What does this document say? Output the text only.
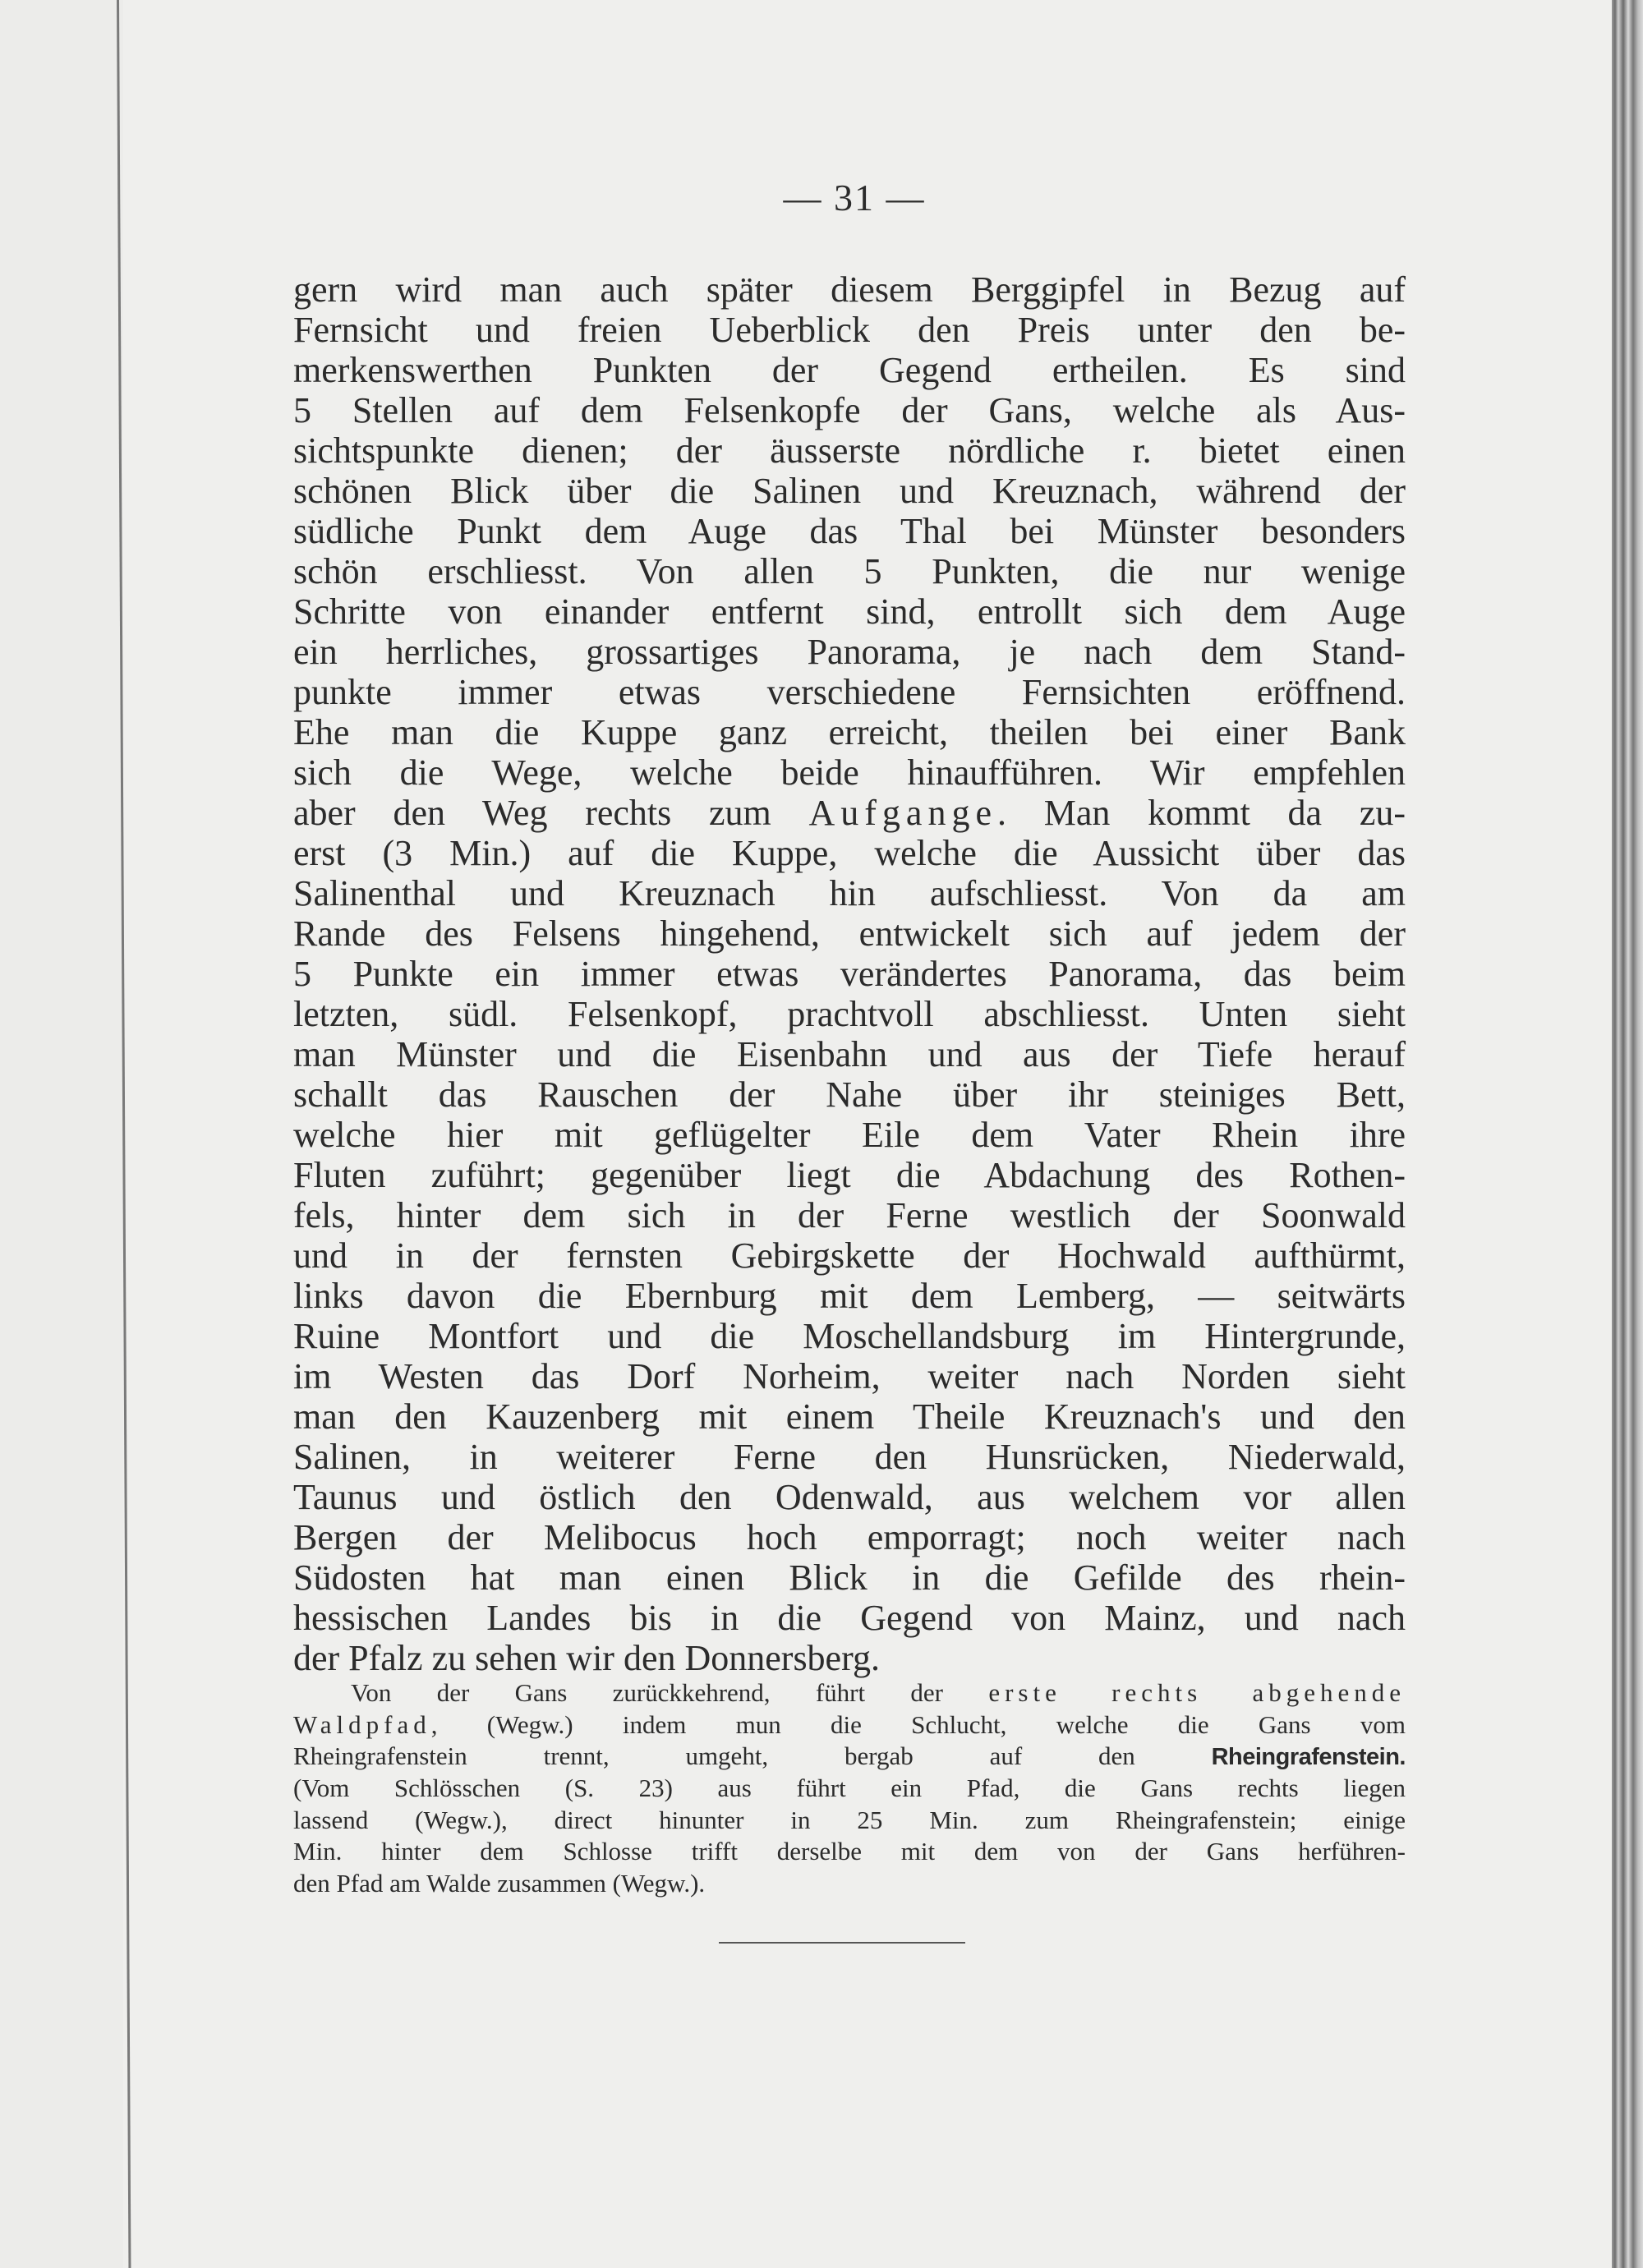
— 31 —
gern wird man auch später diesem Berggipfel in Bezug auf
Fernsicht und freien Ueberblick den Preis unter den be-
merkenswerthen Punkten der Gegend ertheilen. Es sind
5 Stellen auf dem Felsenkopfe der Gans, welche als Aus-
sichtspunkte dienen; der äusserste nördliche r. bietet einen
schönen Blick über die Salinen und Kreuznach, während der
südliche Punkt dem Auge das Thal bei Münster besonders
schön erschliesst. Von allen 5 Punkten, die nur wenige
Schritte von einander entfernt sind, entrollt sich dem Auge
ein herrliches, grossartiges Panorama, je nach dem Stand-
punkte immer etwas verschiedene Fernsichten eröffnend.
Ehe man die Kuppe ganz erreicht, theilen bei einer Bank
sich die Wege, welche beide hinaufführen. Wir empfehlen
aber den Weg rechts zum Aufgange. Man kommt da zu-
erst (3 Min.) auf die Kuppe, welche die Aussicht über das
Salinenthal und Kreuznach hin aufschliesst. Von da am
Rande des Felsens hingehend, entwickelt sich auf jedem der
5 Punkte ein immer etwas verändertes Panorama, das beim
letzten, südl. Felsenkopf, prachtvoll abschliesst. Unten sieht
man Münster und die Eisenbahn und aus der Tiefe herauf
schallt das Rauschen der Nahe über ihr steiniges Bett,
welche hier mit geflügelter Eile dem Vater Rhein ihre
Fluten zuführt; gegenüber liegt die Abdachung des Rothen-
fels, hinter dem sich in der Ferne westlich der Soonwald
und in der fernsten Gebirgskette der Hochwald aufthürmt,
links davon die Ebernburg mit dem Lemberg, — seitwärts
Ruine Montfort und die Moschellandsburg im Hintergrunde,
im Westen das Dorf Norheim, weiter nach Norden sieht
man den Kauzenberg mit einem Theile Kreuznach's und den
Salinen, in weiterer Ferne den Hunsrücken, Niederwald,
Taunus und östlich den Odenwald, aus welchem vor allen
Bergen der Melibocus hoch emporragt; noch weiter nach
Südosten hat man einen Blick in die Gefilde des rhein-
hessischen Landes bis in die Gegend von Mainz, und nach
der Pfalz zu sehen wir den Donnersberg.
Von der Gans zurückkehrend, führt der erste rechts abgehende
Waldpfad, (Wegw.) indem mun die Schlucht, welche die Gans vom
Rheingrafenstein trennt, umgeht, bergab auf den Rheingrafenstein.
(Vom Schlösschen (S. 23) aus führt ein Pfad, die Gans rechts liegen
lassend (Wegw.), direct hinunter in 25 Min. zum Rheingrafenstein; einige
Min. hinter dem Schlosse trifft derselbe mit dem von der Gans herführen-
den Pfad am Walde zusammen (Wegw.).
